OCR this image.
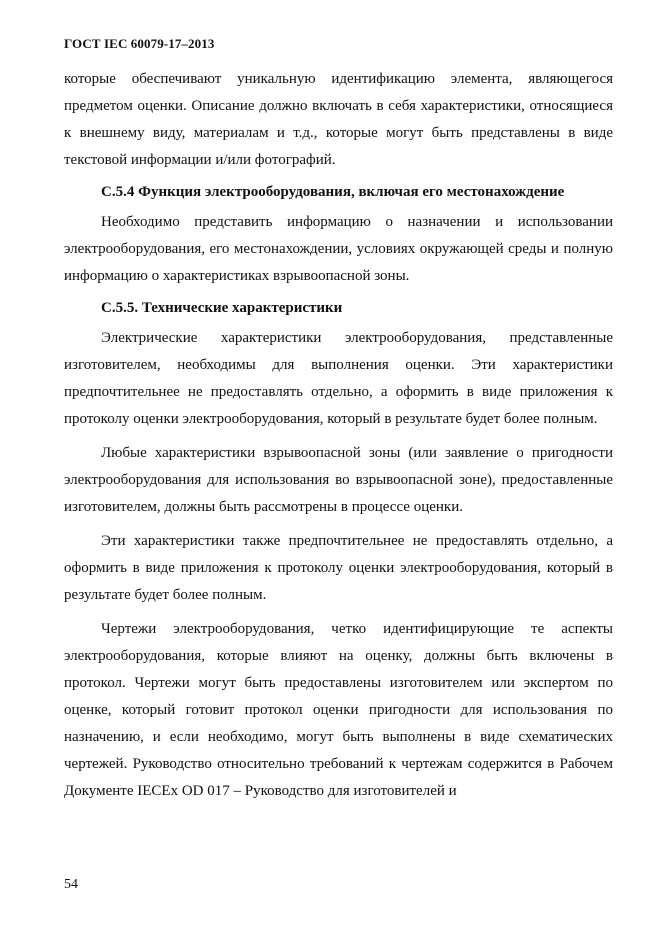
ГОСТ IEC 60079-17–2013

которые обеспечивают уникальную идентификацию элемента, являющегося предметом оценки. Описание должно включать в себя характеристики, относящиеся к внешнему виду, материалам и т.д., которые могут быть представлены в виде текстовой информации и/или фотографий.

С.5.4 Функция электрооборудования, включая его местонахождение

Необходимо представить информацию о назначении и использовании электрооборудования, его местонахождении, условиях окружающей среды и полную информацию о характеристиках взрывоопасной зоны.

С.5.5. Технические характеристики

Электрические характеристики электрооборудования, представленные изготовителем, необходимы для выполнения оценки. Эти характеристики предпочтительнее не предоставлять отдельно, а оформить в виде приложения к протоколу оценки электрооборудования, который в результате будет более полным.

Любые характеристики взрывоопасной зоны (или заявление о пригодности электрооборудования для использования во взрывоопасной зоне), предоставленные изготовителем, должны быть рассмотрены в процессе оценки.

Эти характеристики также предпочтительнее не предоставлять отдельно, а оформить в виде приложения к протоколу оценки электрооборудования, который в результате будет более полным.

Чертежи электрооборудования, четко идентифицирующие те аспекты электрооборудования, которые влияют на оценку, должны быть включены в протокол. Чертежи могут быть предоставлены изготовителем или экспертом по оценке, который готовит протокол оценки пригодности для использования по назначению, и если необходимо, могут быть выполнены в виде схематических чертежей. Руководство относительно требований к чертежам содержится в Рабочем Документе IECEx OD 017 – Руководство для изготовителей и

54
